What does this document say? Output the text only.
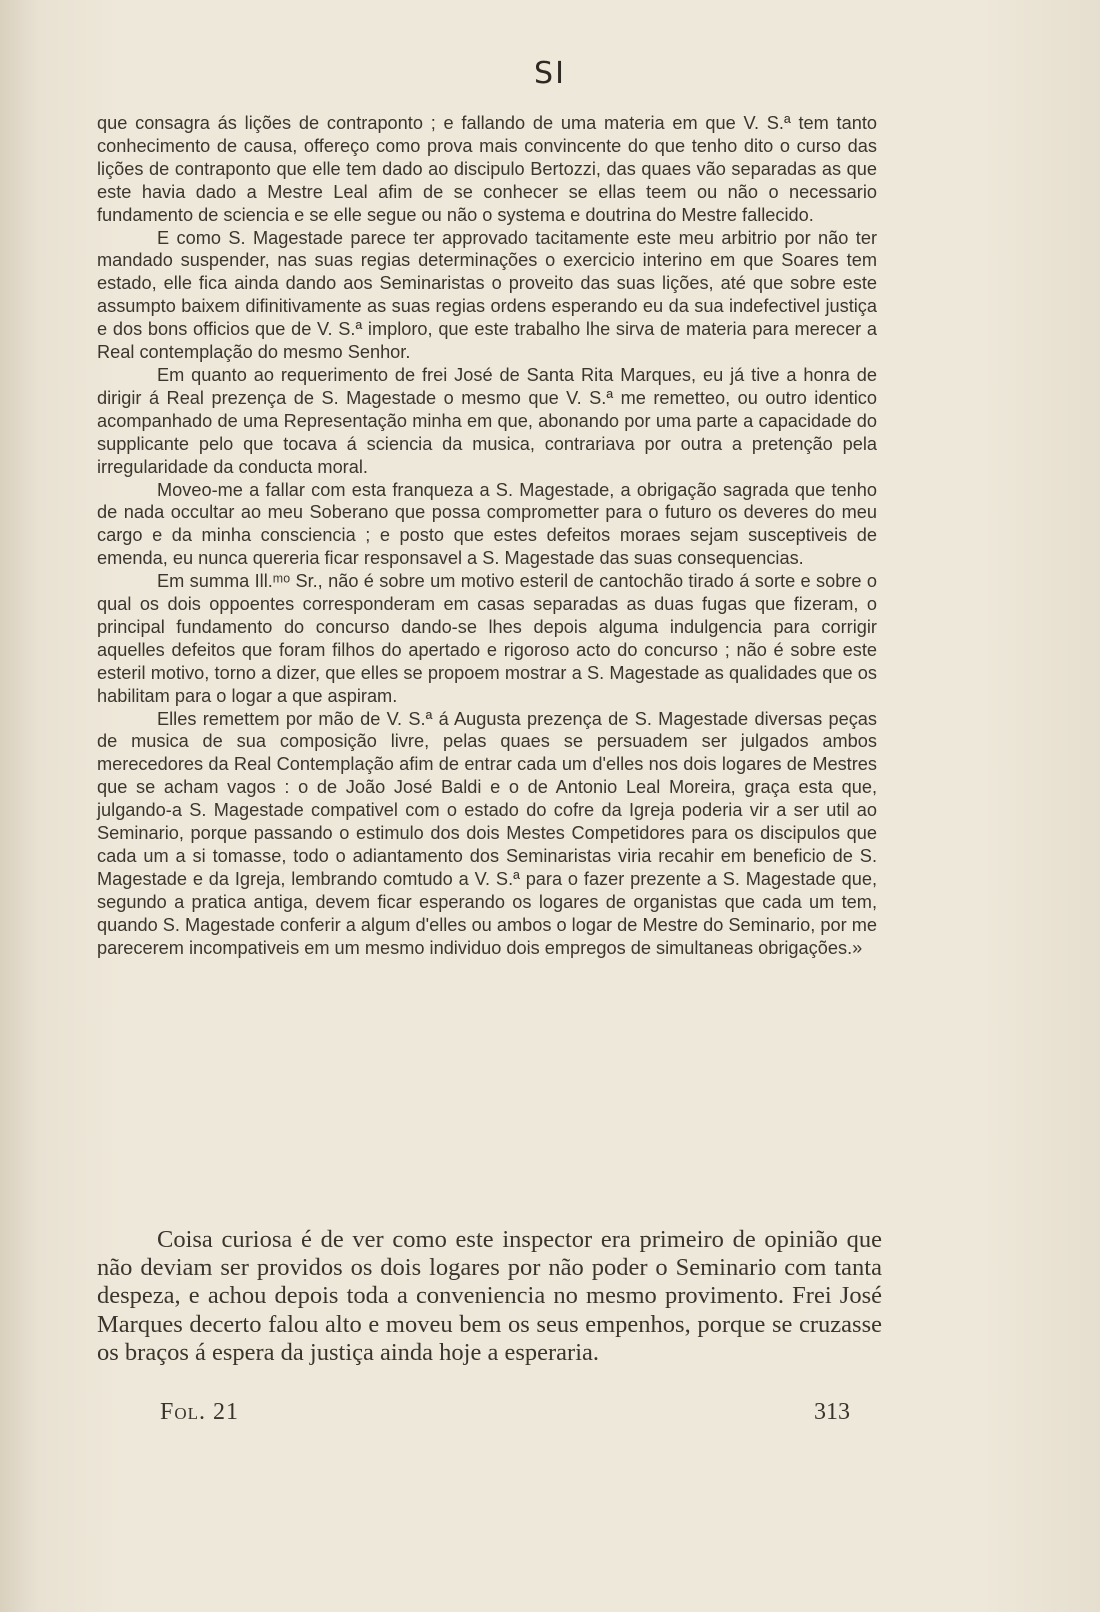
SI

que consagra ás lições de contraponto ; e fallando de uma materia em que V. S.ª tem tanto conhecimento de causa, offereço como prova mais convincente do que tenho dito o curso das lições de contraponto que elle tem dado ao discipulo Bertozzi, das quaes vão separadas as que este havia dado a Mestre Leal afim de se conhecer se ellas teem ou não o necessario fundamento de sciencia e se elle segue ou não o systema e doutrina do Mestre fallecido.

E como S. Magestade parece ter approvado tacitamente este meu arbitrio por não ter mandado suspender, nas suas regias determinações o exercicio interino em que Soares tem estado, elle fica ainda dando aos Seminaristas o proveito das suas lições, até que sobre este assumpto baixem difinitivamente as suas regias ordens esperando eu da sua indefectivel justiça e dos bons officios que de V. S.ª imploro, que este trabalho lhe sirva de materia para merecer a Real contemplação do mesmo Senhor.

Em quanto ao requerimento de frei José de Santa Rita Marques, eu já tive a honra de dirigir á Real prezença de S. Magestade o mesmo que V. S.ª me remetteo, ou outro identico acompanhado de uma Representação minha em que, abonando por uma parte a capacidade do supplicante pelo que tocava á sciencia da musica, contrariava por outra a pretenção pela irregularidade da conducta moral.

Moveo-me a fallar com esta franqueza a S. Magestade, a obrigação sagrada que tenho de nada occultar ao meu Soberano que possa comprometter para o futuro os deveres do meu cargo e da minha consciencia ; e posto que estes defeitos moraes sejam susceptiveis de emenda, eu nunca quereria ficar responsavel a S. Magestade das suas consequencias.

Em summa Ill.ᵐᵒ Sr., não é sobre um motivo esteril de cantochão tirado á sorte e sobre o qual os dois oppoentes corresponderam em casas separadas as duas fugas que fizeram, o principal fundamento do concurso dando-se lhes depois alguma indulgencia para corrigir aquelles defeitos que foram filhos do apertado e rigoroso acto do concurso ; não é sobre este esteril motivo, torno a dizer, que elles se propoem mostrar a S. Magestade as qualidades que os habilitam para o logar a que aspiram.

Elles remettem por mão de V. S.ª á Augusta prezença de S. Magestade diversas peças de musica de sua composição livre, pelas quaes se persuadem ser julgados ambos merecedores da Real Contemplação afim de entrar cada um d'elles nos dois logares de Mestres que se acham vagos : o de João José Baldi e o de Antonio Leal Moreira, graça esta que, julgando-a S. Magestade compativel com o estado do cofre da Igreja poderia vir a ser util ao Seminario, porque passando o estimulo dos dois Mestes Competidores para os discipulos que cada um a si tomasse, todo o adiantamento dos Seminaristas viria recahir em beneficio de S. Magestade e da Igreja, lembrando comtudo a V. S.ª para o fazer prezente a S. Magestade que, segundo a pratica antiga, devem ficar esperando os logares de organistas que cada um tem, quando S. Magestade conferir a algum d'elles ou ambos o logar de Mestre do Seminario, por me parecerem incompativeis em um mesmo individuo dois empregos de simultaneas obrigações.»

Coisa curiosa é de ver como este inspector era primeiro de opinião que não deviam ser providos os dois logares por não poder o Seminario com tanta despeza, e achou depois toda a conveniencia no mesmo provimento. Frei José Marques decerto falou alto e moveu bem os seus empenhos, porque se cruzasse os braços á espera da justiça ainda hoje a esperaria.

Fol. 21	313
